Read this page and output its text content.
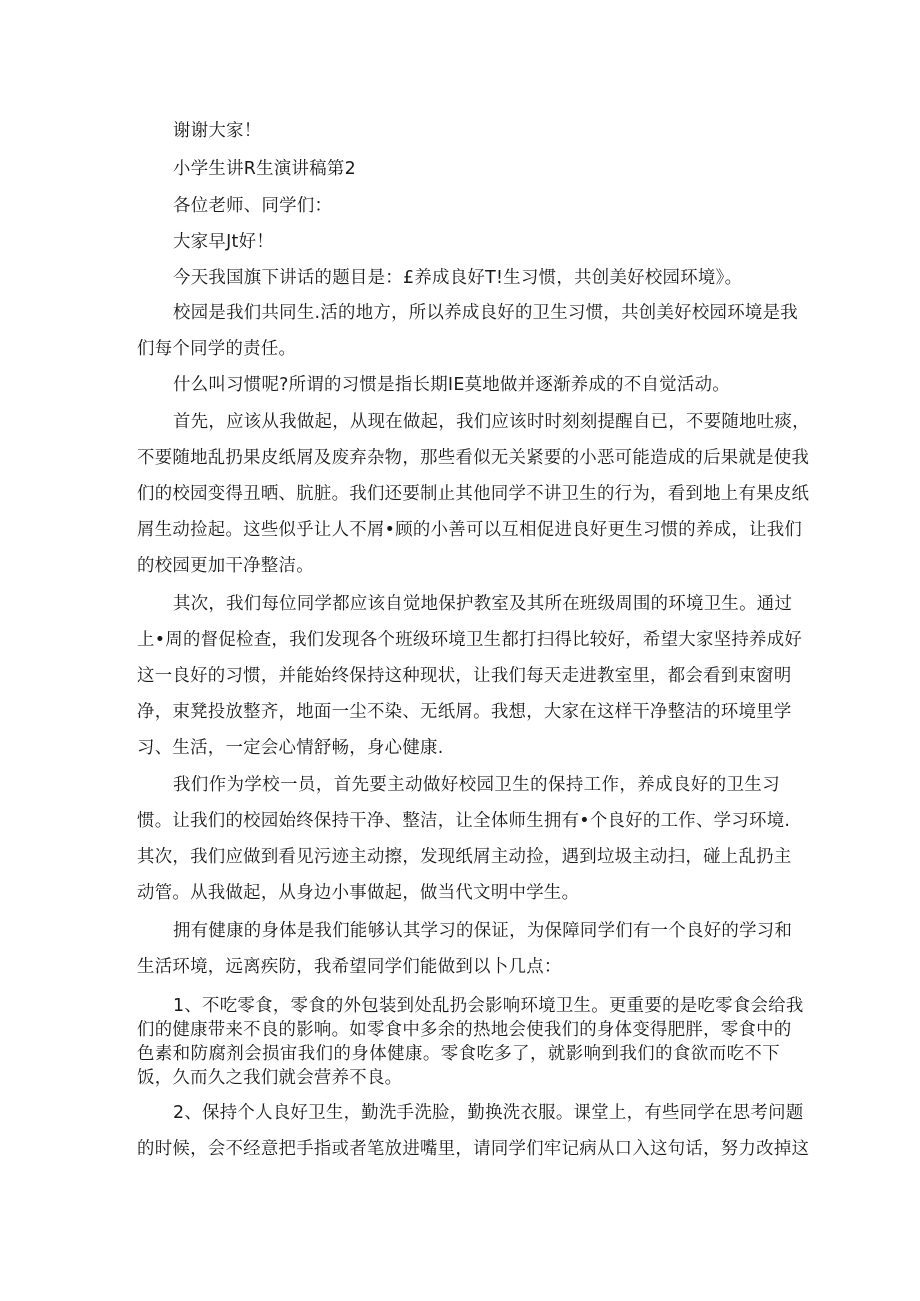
谢谢大家！
小学生讲R生演讲稿第2
各位老师、同学们：
大家早Jt好！
今天我国旗下讲话的题目是：£养成良好T!生习惯，共创美好校园环境》。
校园是我们共同生.活的地方，所以养成良好的卫生习惯，共创美好校园环境是我
们每个同学的责任。
什么叫习惯呢?所谓的习惯是指长期IE莫地做并逐渐养成的不自觉活动。
首先，应该从我做起，从现在做起，我们应该时时刻刻提醒自已，不要随地吐痰，
不要随地乱扔果皮纸屑及废弃杂物，那些看似无关紧要的小恶可能造成的后果就是使我
们的校园变得丑晒、肮脏。我们还要制止其他同学不讲卫生的行为，看到地上有果皮纸
屑生动捡起。这些似乎让人不屑•顾的小善可以互相促进良好更生习惯的养成，让我们
的校园更加干净整洁。
其次，我们每位同学都应该自觉地保护教室及其所在班级周围的环境卫生。通过
上•周的督促检查，我们发现各个班级环境卫生都打扫得比较好，希望大家坚持养成好
这一良好的习惯，并能始终保持这种现状，让我们每天走进教室里，都会看到束窗明
净，束凳投放整齐，地面一尘不染、无纸屑。我想，大家在这样干净整洁的环境里学
习、生活，一定会心情舒畅，身心健康.
我们作为学校一员，首先要主动做好校园卫生的保持工作，养成良好的卫生习
惯。让我们的校园始终保持干净、整洁，让全体师生拥有•个良好的工作、学习环境.
其次，我们应做到看见污迹主动擦，发现纸屑主动捡，遇到垃圾主动扫，碰上乱扔主
动管。从我做起，从身边小事做起，做当代文明中学生。
拥有健康的身体是我们能够认其学习的保证，为保障同学们有一个良好的学习和
生活环境，远离疾防，我希望同学们能做到以卜几点：
1、不吃零食，零食的外包装到处乱扔会影响环境卫生。更重要的是吃零食会给我
们的健康带来不良的影响。如零食中多余的热地会使我们的身体变得肥胖，零食中的
色素和防腐剂会损宙我们的身体健康。零食吃多了，就影响到我们的食欲而吃不下
饭，久而久之我们就会营养不良。
2、保持个人良好卫生，勤洗手洗脸，勤换洗衣服。课堂上，有些同学在思考问题
的时候，会不经意把手指或者笔放进嘴里，请同学们牢记病从口入这句话，努力改掉这
